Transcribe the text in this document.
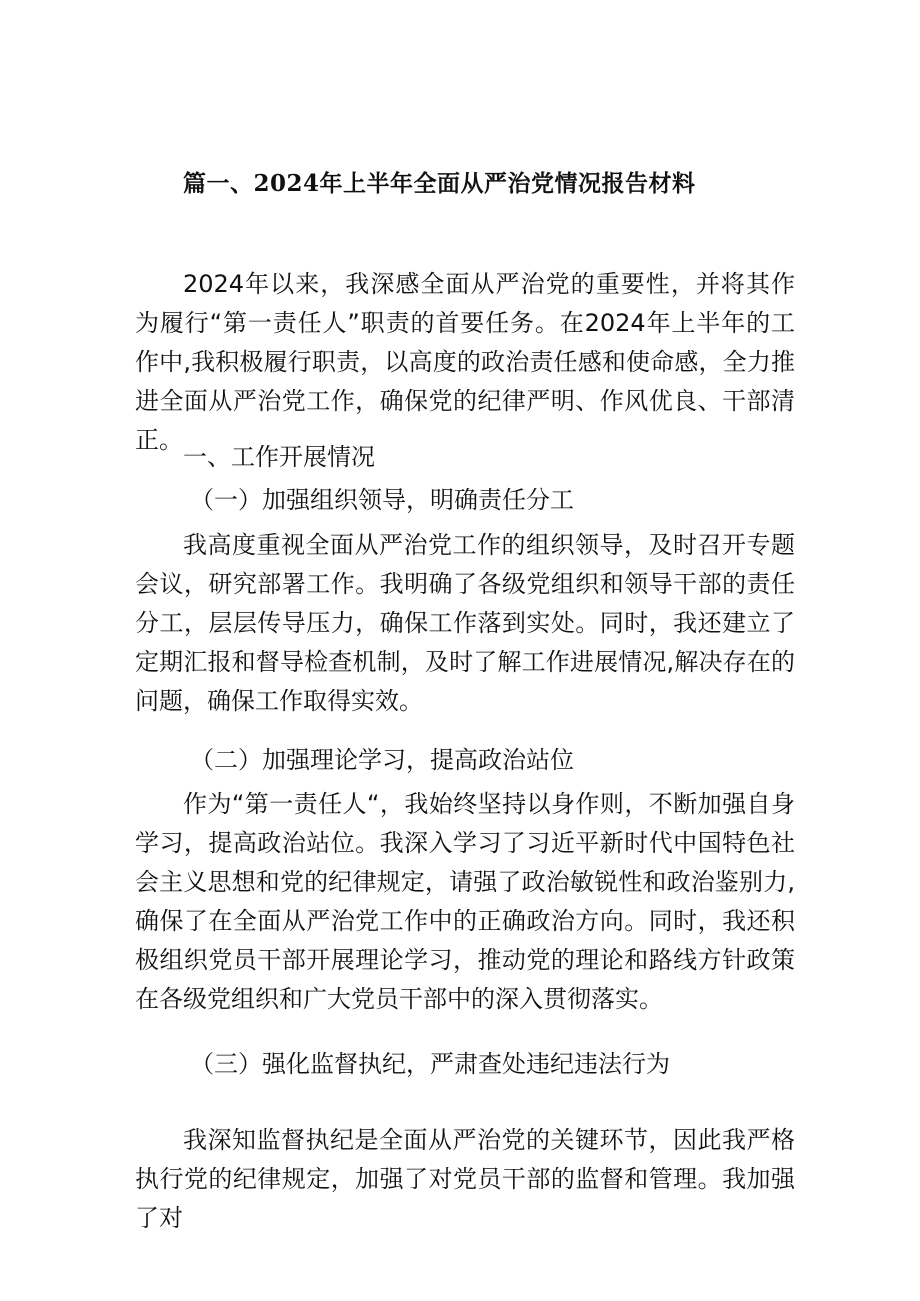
篇一、2024年上半年全面从严治党情况报告材料
2024年以来，我深感全面从严治党的重要性，并将其作为履行“第一责任人”职责的首要任务。在2024年上半年的工作中,我积极履行职责，以高度的政治责任感和使命感，全力推进全面从严治党工作，确保党的纪律严明、作风优良、干部清正。
一、工作开展情况
（一）加强组织领导，明确责任分工
我高度重视全面从严治党工作的组织领导，及时召开专题会议，研究部署工作。我明确了各级党组织和领导干部的责任分工，层层传导压力，确保工作落到实处。同时，我还建立了定期汇报和督导检查机制，及时了解工作进展情况,解决存在的问题，确保工作取得实效。
（二）加强理论学习，提高政治站位
作为“第一责任人“，我始终坚持以身作则，不断加强自身学习，提高政治站位。我深入学习了习近平新时代中国特色社会主义思想和党的纪律规定，请强了政治敏锐性和政治鉴别力,确保了在全面从严治党工作中的正确政治方向。同时，我还积极组织党员干部开展理论学习，推动党的理论和路线方针政策在各级党组织和广大党员干部中的深入贯彻落实。
（三）强化监督执纪，严肃查处违纪违法行为
我深知监督执纪是全面从严治党的关键环节，因此我严格执行党的纪律规定，加强了对党员干部的监督和管理。我加强了对
